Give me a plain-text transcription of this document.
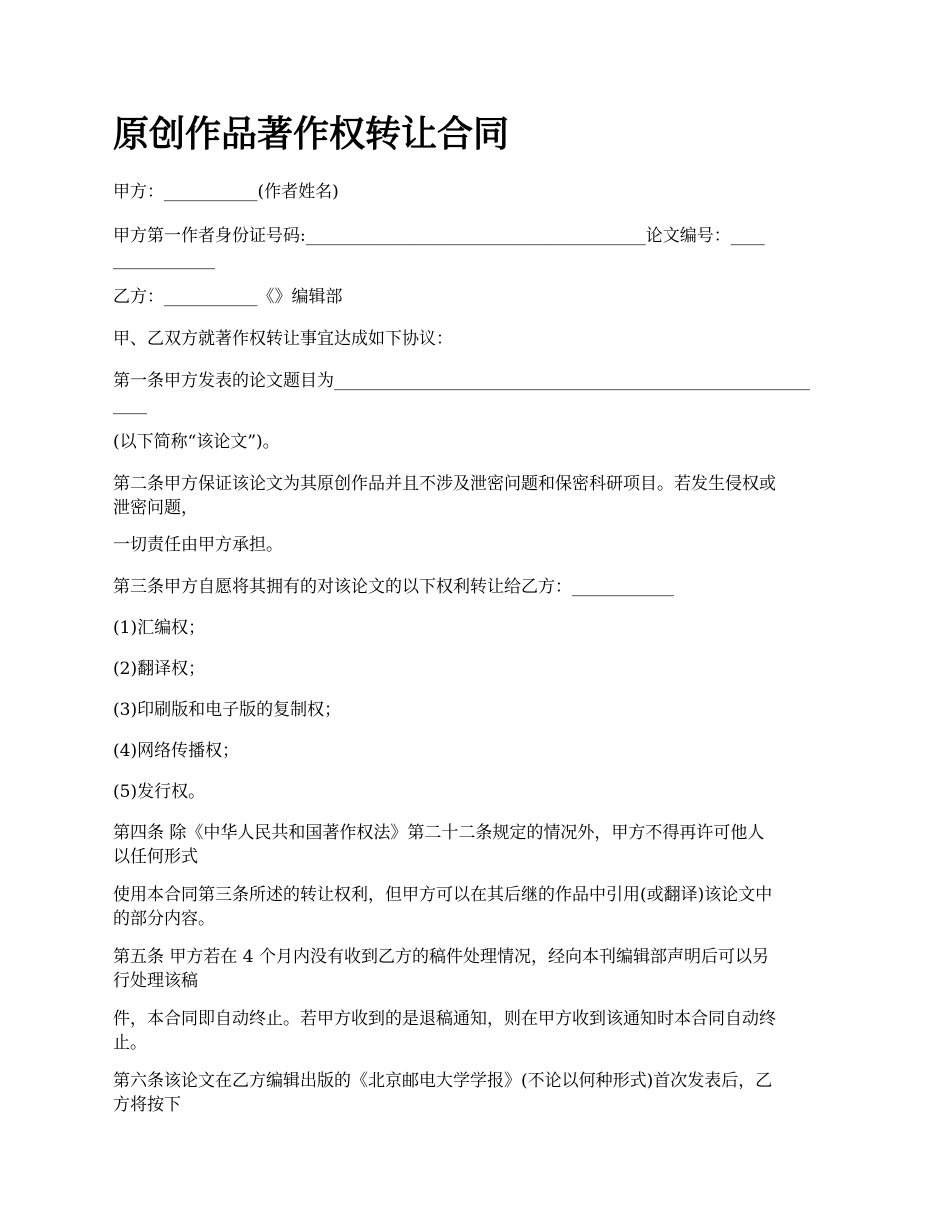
原创作品著作权转让合同

甲方：___________(作者姓名)

甲方第一作者身份证号码:________________________________________论文编号：____

____________

乙方：___________《》编辑部

甲、乙双方就著作权转让事宜达成如下协议：

第一条甲方发表的论文题目为________________________________________________________

____

(以下简称“该论文”)。

第二条甲方保证该论文为其原创作品并且不涉及泄密问题和保密科研项目。若发生侵权或

泄密问题，

一切责任由甲方承担。

第三条甲方自愿将其拥有的对该论文的以下权利转让给乙方：____________

(1)汇编权；

(2)翻译权；

(3)印刷版和电子版的复制权；

(4)网络传播权；

(5)发行权。

第四条 除《中华人民共和国著作权法》第二十二条规定的情况外，甲方不得再许可他人

以任何形式

使用本合同第三条所述的转让权利，但甲方可以在其后继的作品中引用(或翻译)该论文中

的部分内容。

第五条 甲方若在 4 个月内没有收到乙方的稿件处理情况，经向本刊编辑部声明后可以另

行处理该稿

件，本合同即自动终止。若甲方收到的是退稿通知，则在甲方收到该通知时本合同自动终

止。

第六条该论文在乙方编辑出版的《北京邮电大学学报》(不论以何种形式)首次发表后，乙

方将按下
